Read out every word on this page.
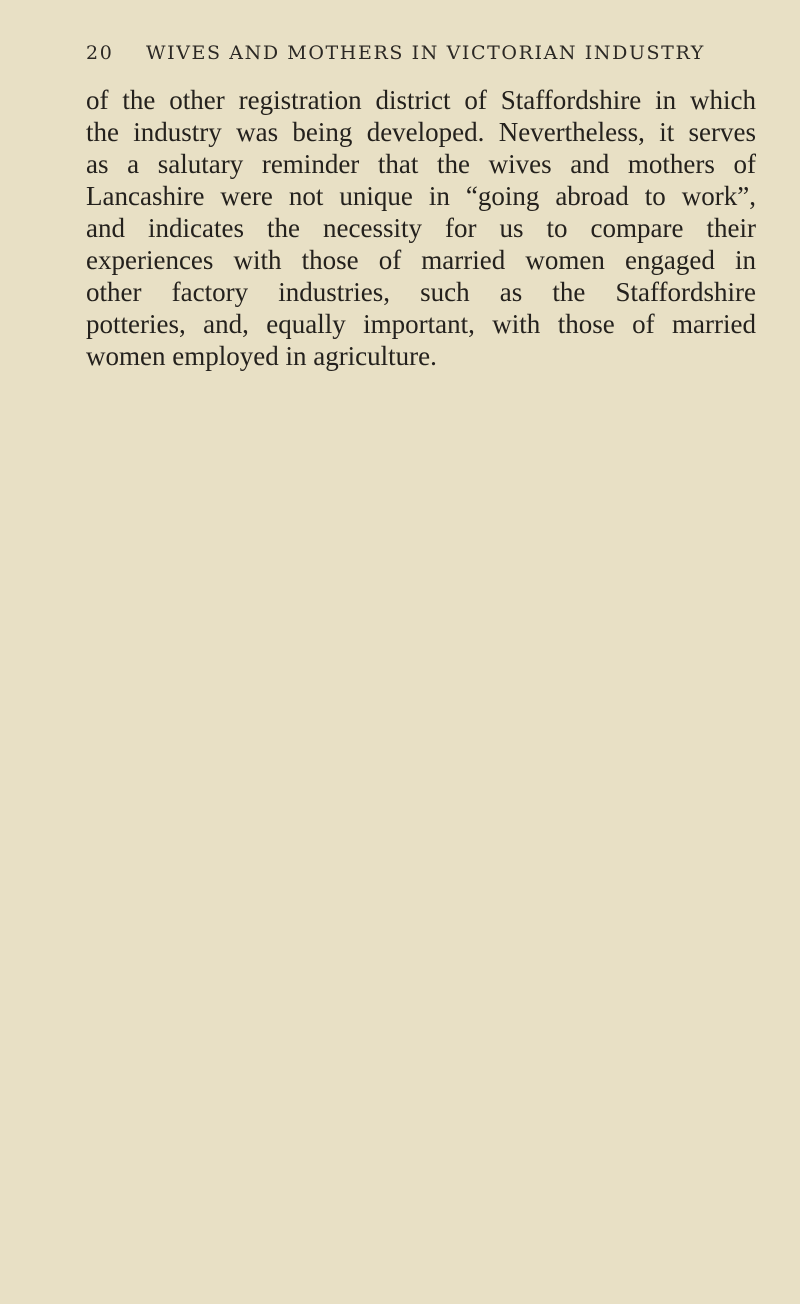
20 WIVES AND MOTHERS IN VICTORIAN INDUSTRY
of the other registration district of Staffordshire in which
the industry was being developed. Nevertheless, it serves
as a salutary reminder that the wives and mothers of
Lancashire were not unique in “going abroad to work”,
and indicates the necessity for us to compare their
experiences with those of married women engaged in
other factory industries, such as the Staffordshire
potteries, and, equally important, with those of married
women employed in agriculture.
